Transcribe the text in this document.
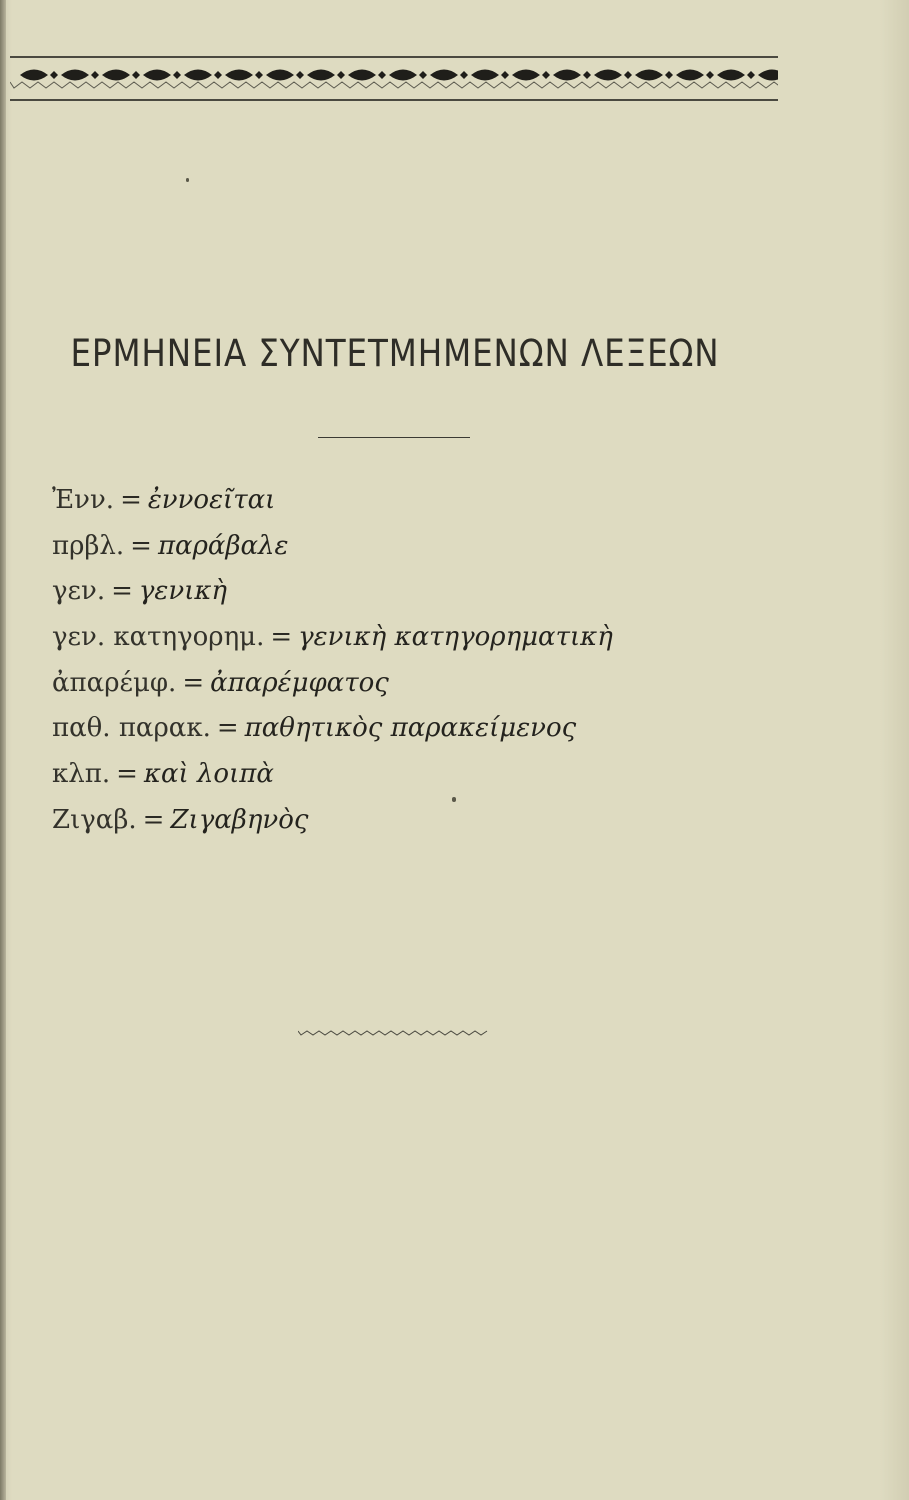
ΕΡΜΗΝΕΙΑ ΣΥΝΤΕΤΜΗΜΕΝΩΝ ΛΕΞΕΩΝ
Ἐνν. = ἐννοεῖται
πρβλ. = παράβαλε
γεν. = γενικὴ
γεν. κατηγορημ. = γενικὴ κατηγορηματικὴ
ἀπαρέμφ. = ἀπαρέμφατος
παθ. παρακ. = παθητικὸς παρακείμενος
κλπ. = καὶ λοιπὰ
Ζιγαβ. = Ζιγαβηνὸς
